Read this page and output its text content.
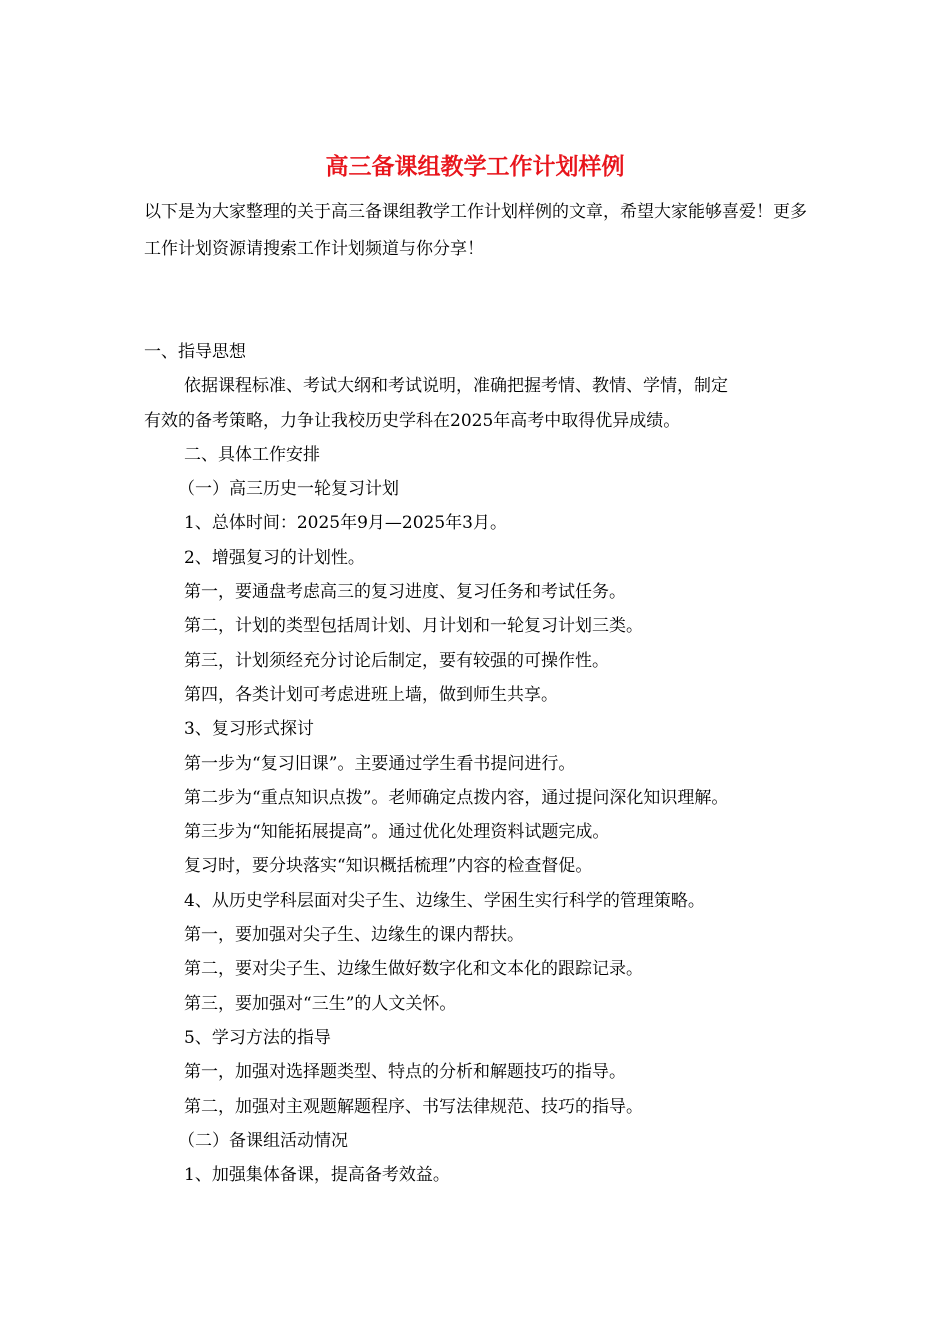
高三备课组教学工作计划样例
以下是为大家整理的关于高三备课组教学工作计划样例的文章，希望大家能够喜爱！更多工作计划资源请搜索工作计划频道与你分享！
一、指导思想
依据课程标准、考试大纲和考试说明，准确把握考情、教情、学情，制定
有效的备考策略，力争让我校历史学科在2025年高考中取得优异成绩。
二、具体工作安排
（一）高三历史一轮复习计划
1、总体时间：2025年9月—2025年3月。
2、增强复习的计划性。
第一，要通盘考虑高三的复习进度、复习任务和考试任务。
第二，计划的类型包括周计划、月计划和一轮复习计划三类。
第三，计划须经充分讨论后制定，要有较强的可操作性。
第四，各类计划可考虑进班上墙，做到师生共享。
3、复习形式探讨
第一步为“复习旧课”。主要通过学生看书提问进行。
第二步为“重点知识点拨”。老师确定点拨内容，通过提问深化知识理解。
第三步为“知能拓展提高”。通过优化处理资料试题完成。
复习时，要分块落实“知识概括梳理”内容的检查督促。
4、从历史学科层面对尖子生、边缘生、学困生实行科学的管理策略。
第一，要加强对尖子生、边缘生的课内帮扶。
第二，要对尖子生、边缘生做好数字化和文本化的跟踪记录。
第三，要加强对“三生”的人文关怀。
5、学习方法的指导
第一，加强对选择题类型、特点的分析和解题技巧的指导。
第二，加强对主观题解题程序、书写法律规范、技巧的指导。
（二）备课组活动情况
1、加强集体备课，提高备考效益。
